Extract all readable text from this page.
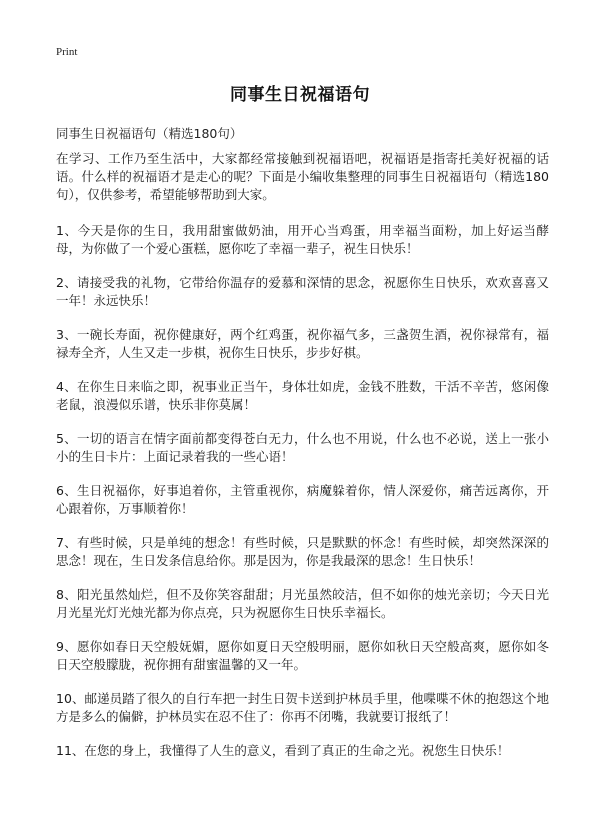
Print
同事生日祝福语句
同事生日祝福语句（精选180句）

在学习、工作乃至生活中，大家都经常接触到祝福语吧，祝福语是指寄托美好祝福的话语。什么样的祝福语才是走心的呢？下面是小编收集整理的同事生日祝福语句（精选180句），仅供参考，希望能够帮助到大家。

1、今天是你的生日，我用甜蜜做奶油，用开心当鸡蛋，用幸福当面粉，加上好运当酵母，为你做了一个爱心蛋糕，愿你吃了幸福一辈子，祝生日快乐！

2、请接受我的礼物，它带给你温存的爱慕和深情的思念，祝愿你生日快乐，欢欢喜喜又一年！永远快乐！

3、一碗长寿面，祝你健康好，两个红鸡蛋，祝你福气多，三盏贺生酒，祝你禄常有，福禄寿全齐，人生又走一步棋，祝你生日快乐，步步好棋。

4、在你生日来临之即，祝事业正当午，身体壮如虎，金钱不胜数，干活不辛苦，悠闲像老鼠，浪漫似乐谱，快乐非你莫属！

5、一切的语言在情字面前都变得苍白无力，什么也不用说，什么也不必说，送上一张小小的生日卡片：上面记录着我的一些心语！

6、生日祝福你，好事追着你，主管重视你，病魔躲着你，情人深爱你，痛苦远离你，开心跟着你，万事顺着你！

7、有些时候，只是单纯的想念！有些时候，只是默默的怀念！有些时候，却突然深深的思念！现在，生日发条信息给你。那是因为，你是我最深的思念！生日快乐！

8、阳光虽然灿烂，但不及你笑容甜甜；月光虽然皎洁，但不如你的烛光亲切；今天日光月光星光灯光烛光都为你点亮，只为祝愿你生日快乐幸福长。

9、愿你如春日天空般妩媚，愿你如夏日天空般明丽，愿你如秋日天空般高爽，愿你如冬日天空般朦胧，祝你拥有甜蜜温馨的又一年。

10、邮递员踏了很久的自行车把一封生日贺卡送到护林员手里，他喋喋不休的抱怨这个地方是多么的偏僻，护林员实在忍不住了：你再不闭嘴，我就要订报纸了！

11、在您的身上，我懂得了人生的意义，看到了真正的生命之光。祝您生日快乐！
